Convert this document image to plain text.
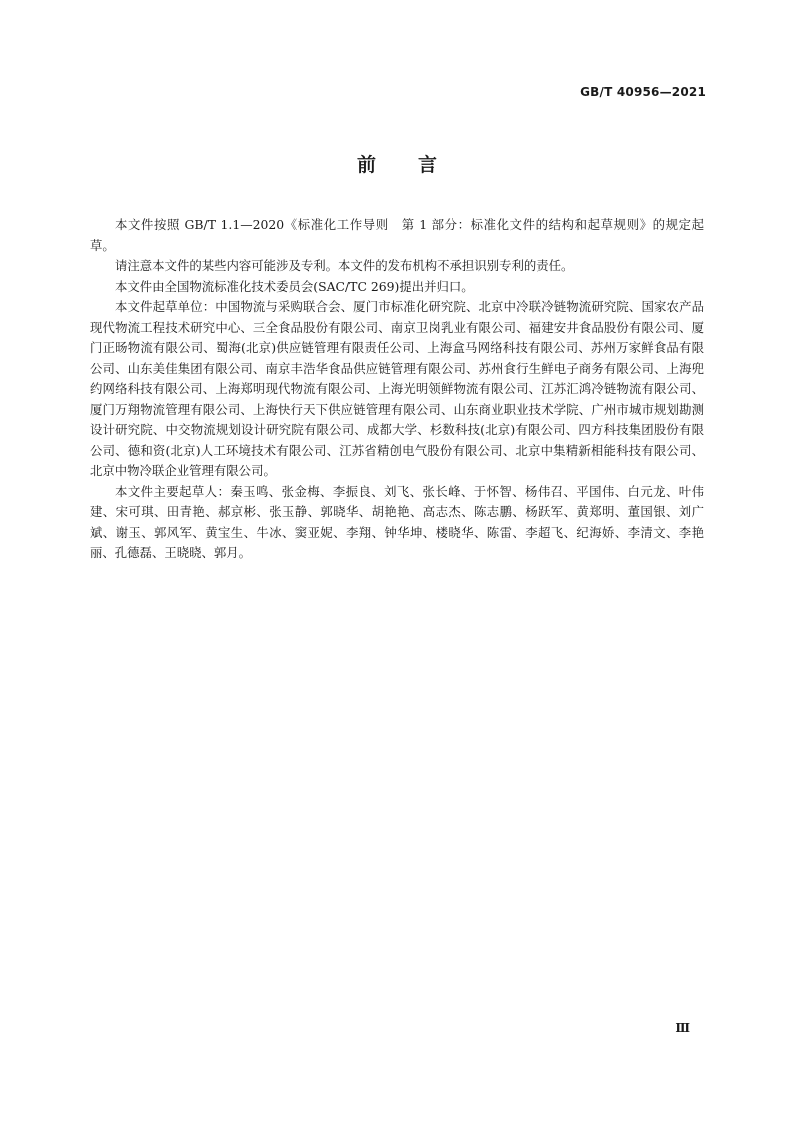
GB/T 40956—2021
前言

本文件按照 GB/T 1.1—2020《标准化工作导则　第 1 部分：标准化文件的结构和起草规则》的规定起草。

请注意本文件的某些内容可能涉及专利。本文件的发布机构不承担识别专利的责任。

本文件由全国物流标准化技术委员会(SAC/TC 269)提出并归口。

本文件起草单位：中国物流与采购联合会、厦门市标准化研究院、北京中冷联冷链物流研究院、国家农产品现代物流工程技术研究中心、三全食品股份有限公司、南京卫岗乳业有限公司、福建安井食品股份有限公司、厦门正旸物流有限公司、蜀海(北京)供应链管理有限责任公司、上海盒马网络科技有限公司、苏州万家鲜食品有限公司、山东美佳集团有限公司、南京丰浩华食品供应链管理有限公司、苏州食行生鲜电子商务有限公司、上海兜约网络科技有限公司、上海郑明现代物流有限公司、上海光明领鲜物流有限公司、江苏汇鸿冷链物流有限公司、厦门万翔物流管理有限公司、上海快行天下供应链管理有限公司、山东商业职业技术学院、广州市城市规划勘测设计研究院、中交物流规划设计研究院有限公司、成都大学、杉数科技(北京)有限公司、四方科技集团股份有限公司、德和资(北京)人工环境技术有限公司、江苏省精创电气股份有限公司、北京中集精新相能科技有限公司、北京中物冷联企业管理有限公司。

本文件主要起草人：秦玉鸣、张金梅、李振良、刘飞、张长峰、于怀智、杨伟召、平国伟、白元龙、叶伟建、宋可琪、田青艳、郝京彬、张玉静、郭晓华、胡艳艳、高志杰、陈志鹏、杨跃军、黄郑明、董国银、刘广斌、谢玉、郭风军、黄宝生、牛冰、窦亚妮、李翔、钟华坤、楼晓华、陈雷、李超飞、纪海娇、李清文、李艳丽、孔德磊、王晓晓、郭月。

Ⅲ
